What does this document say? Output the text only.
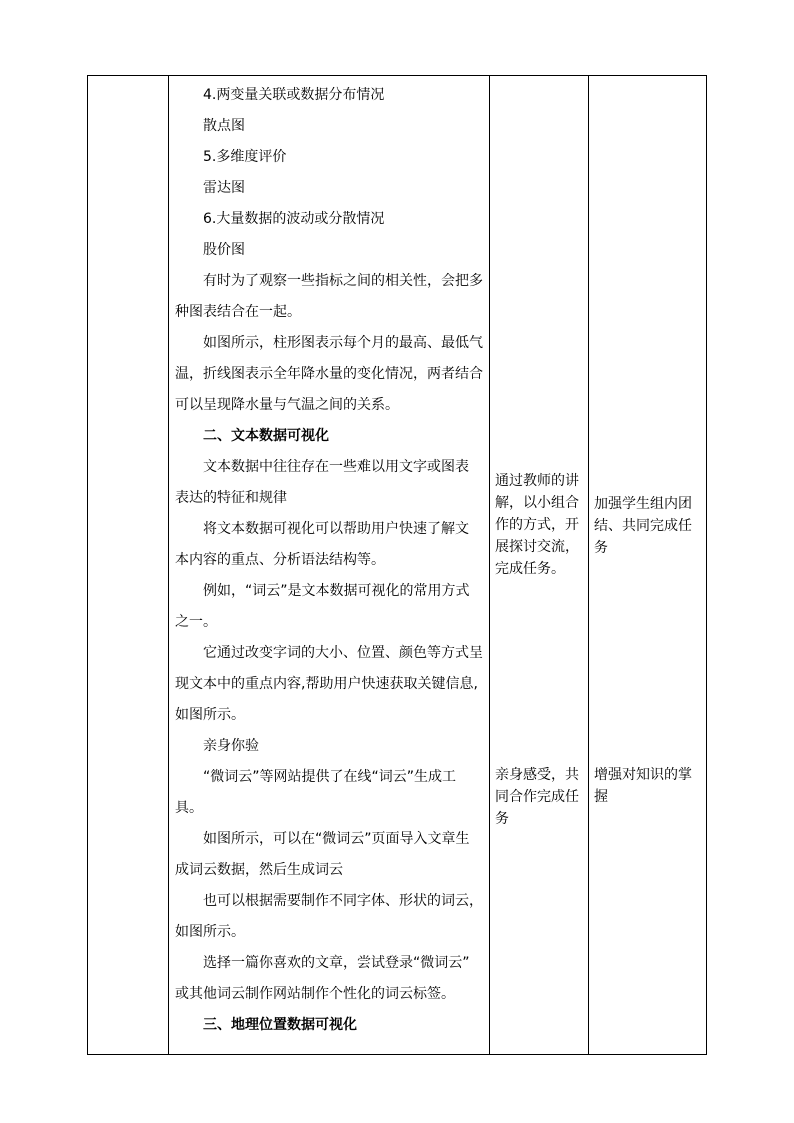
4.两变量关联或数据分布情况
散点图
5.多维度评价
雷达图
6.大量数据的波动或分散情况
股价图
有时为了观察一些指标之间的相关性，会把多
种图表结合在一起。
如图所示，柱形图表示每个月的最高、最低气
温，折线图表示全年降水量的变化情况，两者结合
可以呈现降水量与气温之间的关系。
二、文本数据可视化
文本数据中往往存在一些难以用文字或图表
表达的特征和规律
将文本数据可视化可以帮助用户快速了解文
本内容的重点、分析语法结构等。
例如，“词云”是文本数据可视化的常用方式
之一。
它通过改变字词的大小、位置、颜色等方式呈
现文本中的重点内容,帮助用户快速获取关键信息,
如图所示。
亲身你验
“微词云”等网站提供了在线“词云”生成工
具。
如图所示，可以在“微词云”页面导入文章生
成词云数据，然后生成词云
也可以根据需要制作不同字体、形状的词云，
如图所示。
选择一篇你喜欢的文章，尝试登录“微词云”
或其他词云制作网站制作个性化的词云标签。
三、地理位置数据可视化
通过教师的讲解，以小组合作的方式，开展探讨交流，完成任务。
亲身感受，共同合作完成任务
加强学生组内团结、共同完成任务
增强对知识的掌握
